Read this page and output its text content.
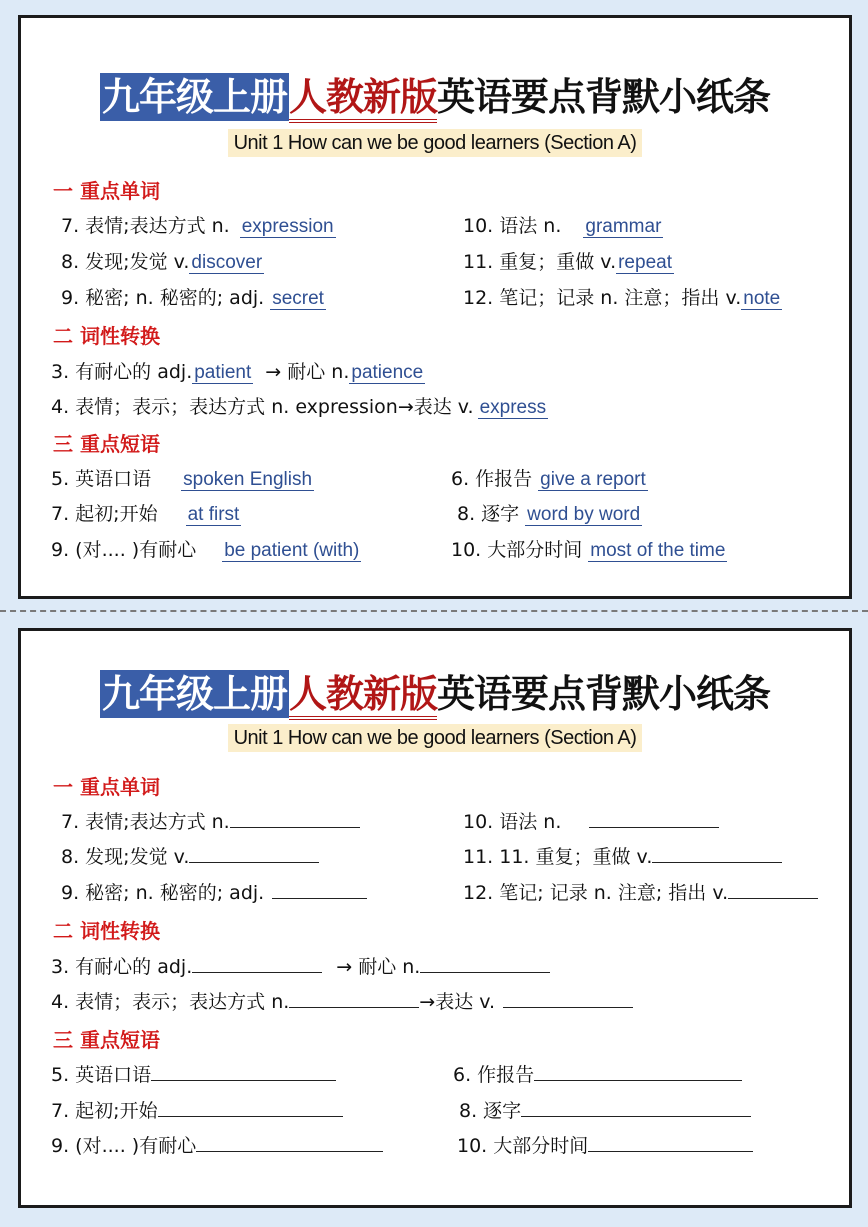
九年级上册人教新版英语要点背默小纸条
Unit 1 How can we be good learners (Section A)
一 重点单词
7. 表情;表达方式 n. expression	10. 语法 n. grammar
8. 发现;发觉 v. discover	11. 重复；重做 v. repeat
9. 秘密; n. 秘密的; adj. secret	12. 笔记；记录 n. 注意；指出 v. note
二 词性转换
3. 有耐心的 adj. patient → 耐心 n. patience
4. 表情；表示；表达方式 n. expression→表达 v. express
三 重点短语
5. 英语口语 spoken English	6. 作报告 give a report
7. 起初;开始 at first	8. 逐字 word by word
9. (对.... )有耐心 be patient (with)	10. 大部分时间 most of the time
九年级上册人教新版英语要点背默小纸条
Unit 1 How can we be good learners (Section A)
一 重点单词
7. 表情;表达方式 n.	10. 语法 n.
8. 发现;发觉 v.	11. 11. 重复；重做 v.
9. 秘密; n. 秘密的; adj.	12. 笔记; 记录 n. 注意; 指出 v.
二 词性转换
3. 有耐心的 adj.	→ 耐心 n.
4. 表情；表示；表达方式 n.	→表达 v.
三 重点短语
5. 英语口语	6. 作报告
7. 起初;开始	8. 逐字
9. (对.... )有耐心	10. 大部分时间
